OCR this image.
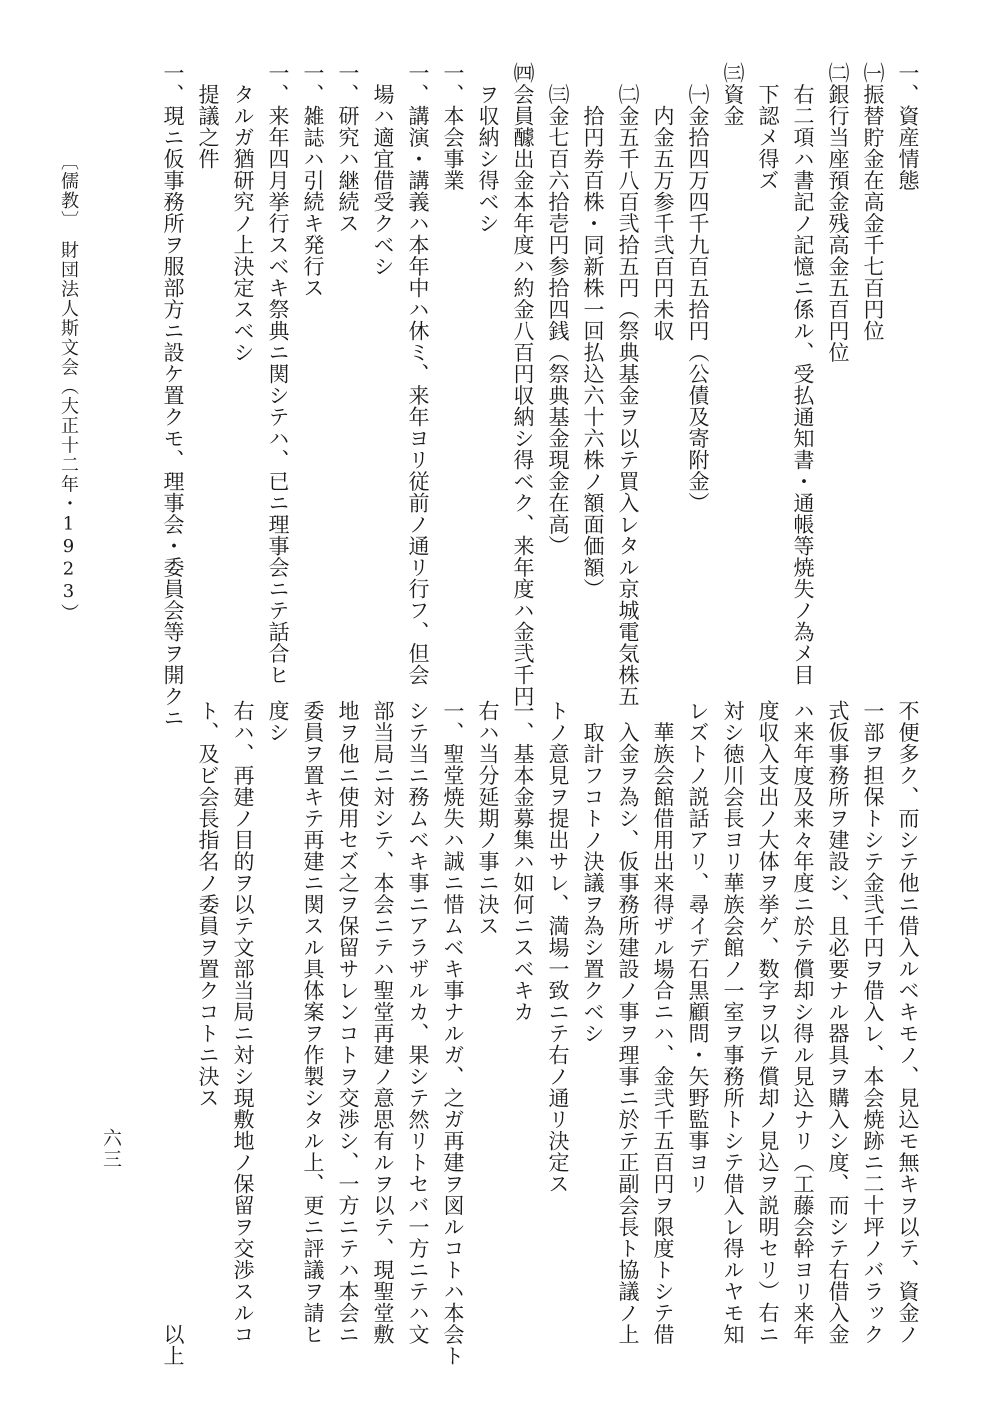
一、資産情態
㈠振替貯金在高金千七百円位
㈡銀行当座預金残高金五百円位
　右二項ハ書記ノ記憶ニ係ル、受払通知書・通帳等焼失ノ為メ目
　下認メ得ズ
㈢資金
　㈠金拾四万四千九百五拾円（公債及寄附金）
　　内金五万参千弐百円未収
　㈡金五千八百弐拾五円（祭典基金ヲ以テ買入レタル京城電気株五
　　拾円券百株・同新株一回払込六十六株ノ額面価額）
　㈢金七百六拾壱円参拾四銭（祭典基金現金在高）
㈣会員醵出金本年度ハ約金八百円収納シ得ベク、来年度ハ金弐千円
　ヲ収納シ得ベシ
一、本会事業
一、講演・講義ハ本年中ハ休ミ、来年ヨリ従前ノ通リ行フ、但会
　場ハ適宜借受クベシ
一、研究ハ継続ス
一、雑誌ハ引続キ発行ス
一、来年四月挙行スベキ祭典ニ関シテハ、已ニ理事会ニテ話合ヒ
　タルガ猶研究ノ上決定スベシ
　提議之件
一、現ニ仮事務所ヲ服部方ニ設ケ置クモ、理事会・委員会等ヲ開クニ
不便多ク、而シテ他ニ借入ルベキモノ、見込モ無キヲ以テ、資金ノ
一部ヲ担保トシテ金弐千円ヲ借入レ、本会焼跡ニ二十坪ノバラック
式仮事務所ヲ建設シ、且必要ナル器具ヲ購入シ度、而シテ右借入金
ハ来年度及来々年度ニ於テ償却シ得ル見込ナリ（工藤会幹ヨリ来年
度収入支出ノ大体ヲ挙ゲ、数字ヲ以テ償却ノ見込ヲ説明セリ）右ニ
対シ徳川会長ヨリ華族会館ノ一室ヲ事務所トシテ借入レ得ルヤモ知
レズトノ説話アリ、尋イデ石黒顧問・矢野監事ヨリ
　華族会館借用出来得ザル場合ニハ、金弐千五百円ヲ限度トシテ借
　入金ヲ為シ、仮事務所建設ノ事ヲ理事ニ於テ正副会長ト協議ノ上
　取計フコトノ決議ヲ為シ置クベシ
トノ意見ヲ提出サレ、満場一致ニテ右ノ通リ決定ス
一、基本金募集ハ如何ニスベキカ
右ハ当分延期ノ事ニ決ス
一、聖堂焼失ハ誠ニ惜ムベキ事ナルガ、之ガ再建ヲ図ルコトハ本会ト
シテ当ニ務ムベキ事ニアラザルカ、果シテ然リトセバ一方ニテハ文
部当局ニ対シテ、本会ニテハ聖堂再建ノ意思有ルヲ以テ、現聖堂敷
地ヲ他ニ使用セズ之ヲ保留サレンコトヲ交渉シ、一方ニテハ本会ニ
委員ヲ置キテ再建ニ関スル具体案ヲ作製シタル上、更ニ評議ヲ請ヒ
度シ
右ハ、再建ノ目的ヲ以テ文部当局ニ対シ現敷地ノ保留ヲ交渉スルコ
ト、及ビ会長指名ノ委員ヲ置クコトニ決ス
　　　　　　　　　　　　　　　　　　　　　　　　　　　　　以上
〔儒教〕　財団法人斯文会（大正十二年・1923）
六三
